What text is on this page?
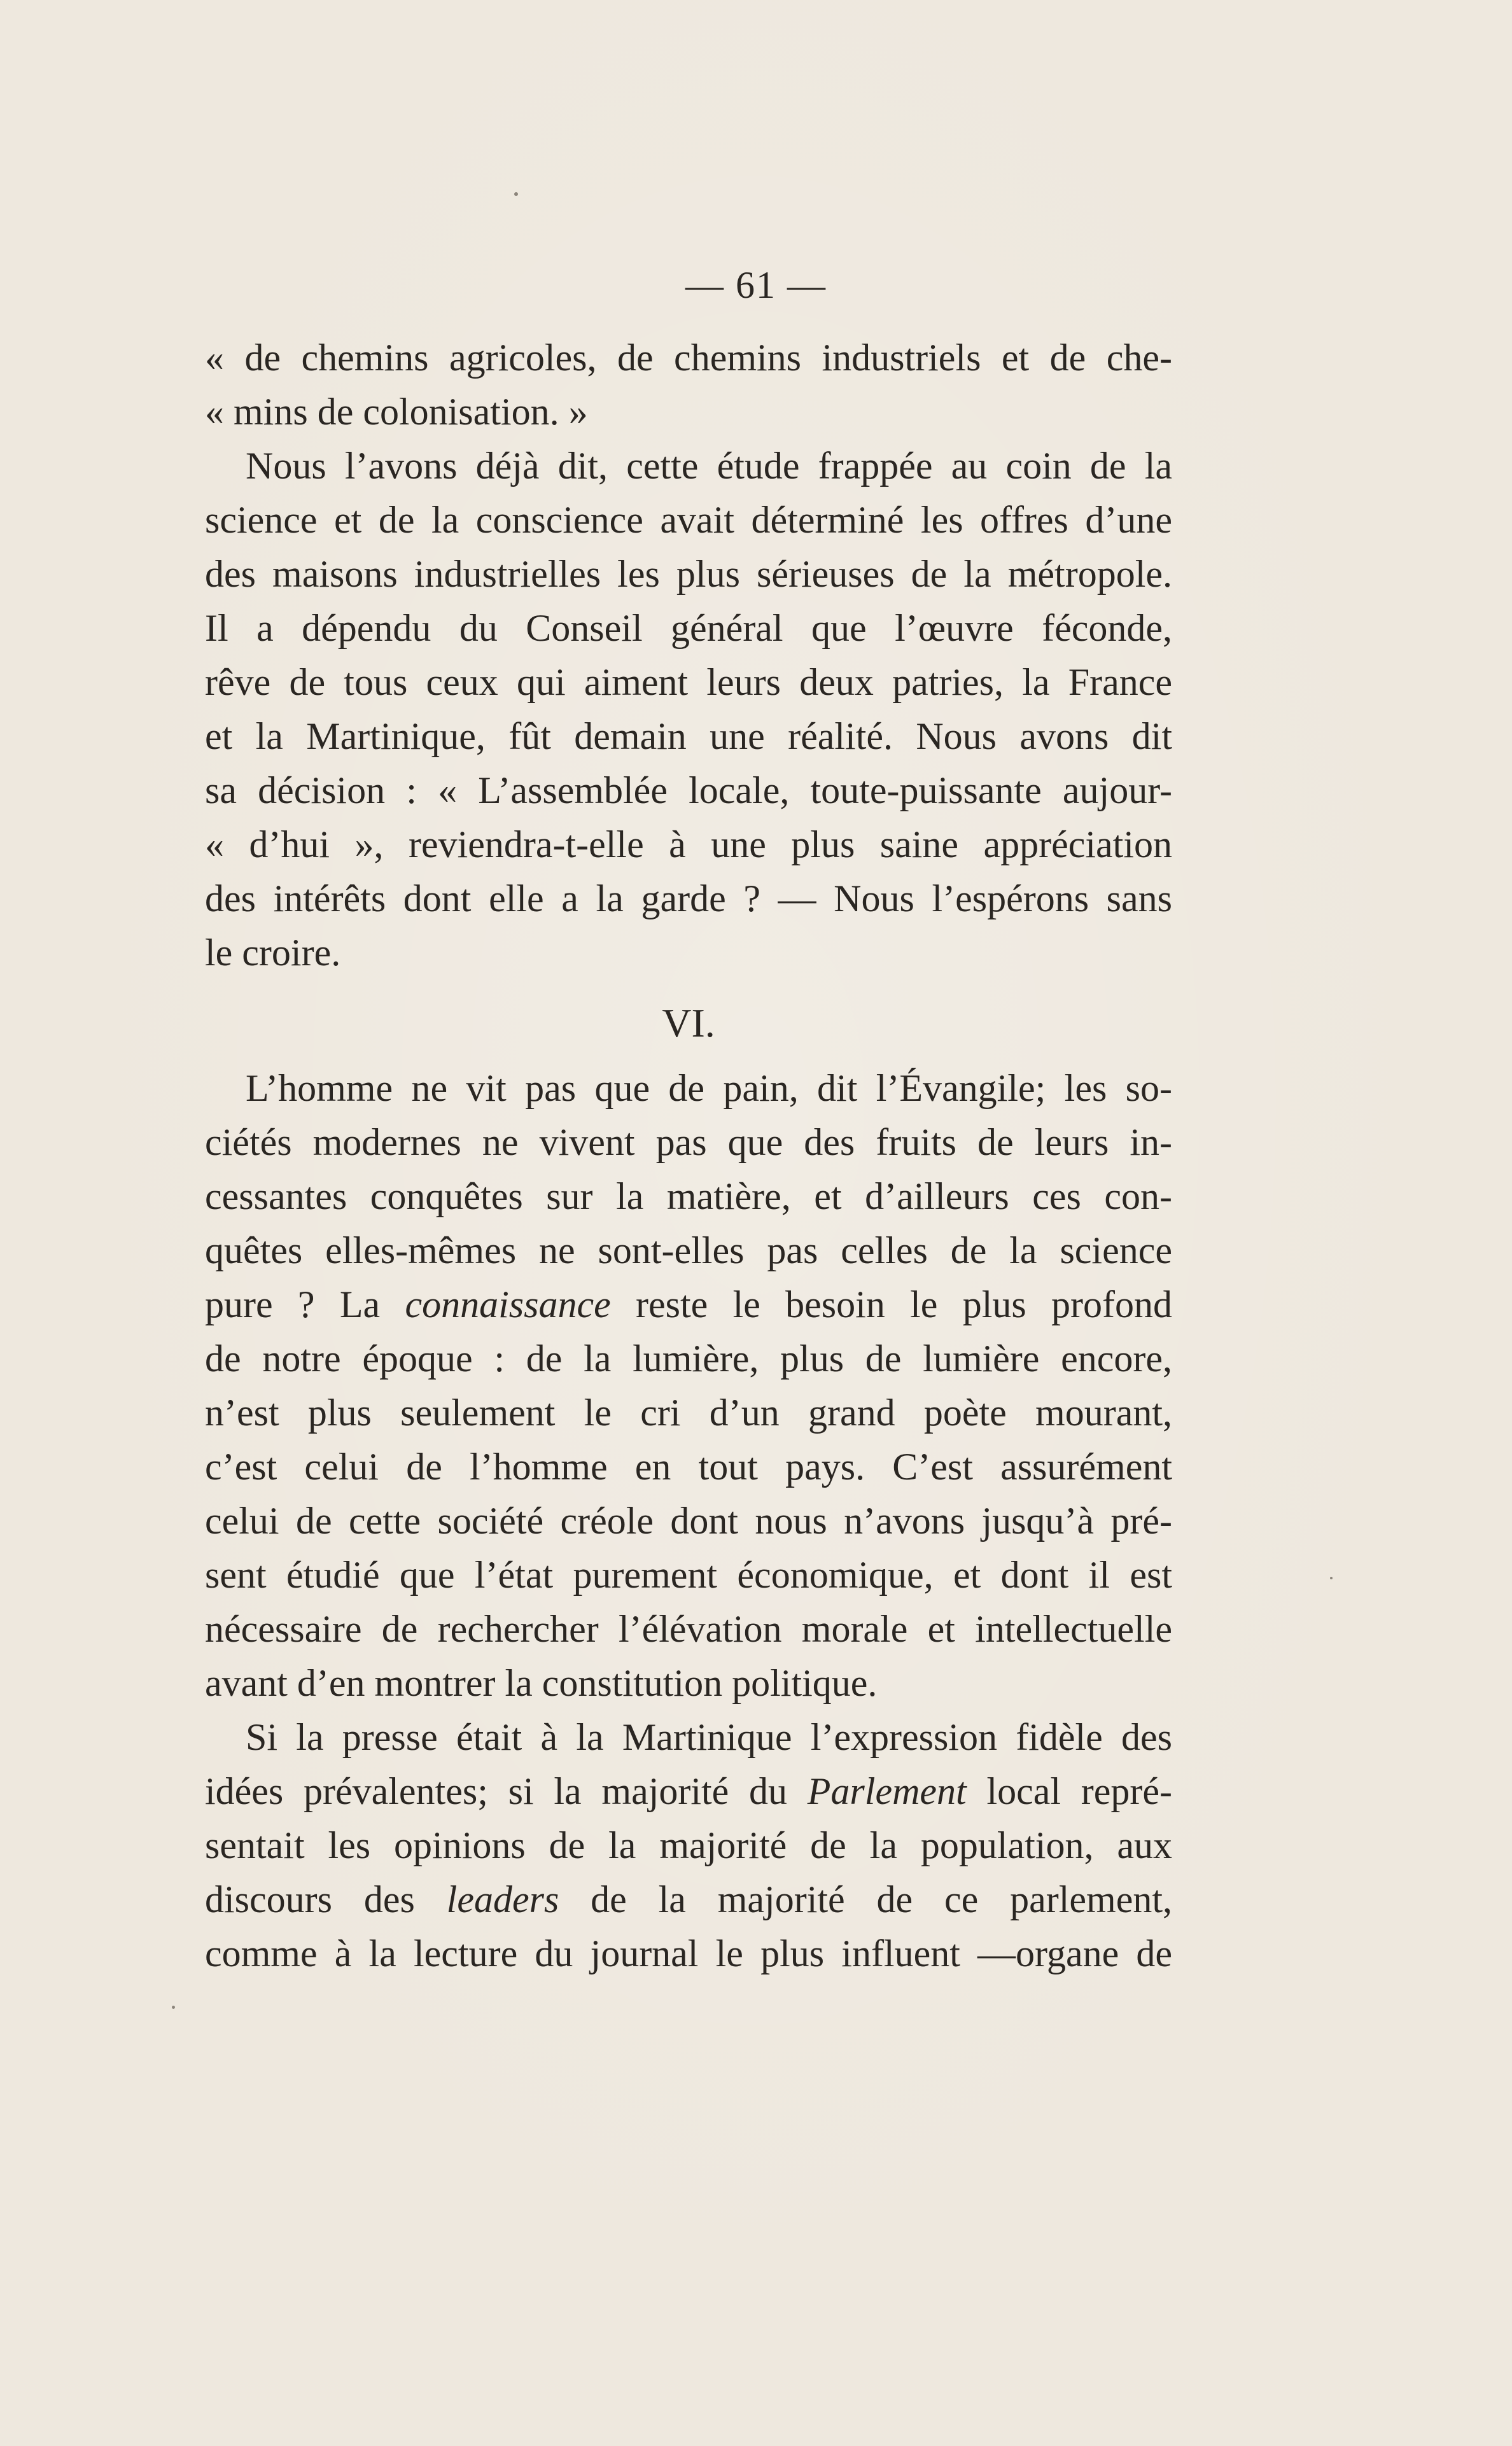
— 61 —
« de chemins agricoles, de chemins industriels et de che-
« mins de colonisation. »
Nous l’avons déjà dit, cette étude frappée au coin de la
science et de la conscience avait déterminé les offres d’une
des maisons industrielles les plus sérieuses de la métropole.
Il a dépendu du Conseil général que l’œuvre féconde,
rêve de tous ceux qui aiment leurs deux patries, la France
et la Martinique, fût demain une réalité. Nous avons dit
sa décision : « L’assemblée locale, toute-puissante aujour-
« d’hui », reviendra-t-elle à une plus saine appréciation
des intérêts dont elle a la garde ? — Nous l’espérons sans
le croire.
VI.
L’homme ne vit pas que de pain, dit l’Évangile; les so-
ciétés modernes ne vivent pas que des fruits de leurs in-
cessantes conquêtes sur la matière, et d’ailleurs ces con-
quêtes elles-mêmes ne sont-elles pas celles de la science
pure ? La connaissance reste le besoin le plus profond
de notre époque : de la lumière, plus de lumière encore,
n’est plus seulement le cri d’un grand poète mourant,
c’est celui de l’homme en tout pays. C’est assurément
celui de cette société créole dont nous n’avons jusqu’à pré-
sent étudié que l’état purement économique, et dont il est
nécessaire de rechercher l’élévation morale et intellectuelle
avant d’en montrer la constitution politique.
Si la presse était à la Martinique l’expression fidèle des
idées prévalentes; si la majorité du Parlement local repré-
sentait les opinions de la majorité de la population, aux
discours des leaders de la majorité de ce parlement,
comme à la lecture du journal le plus influent —organe de
